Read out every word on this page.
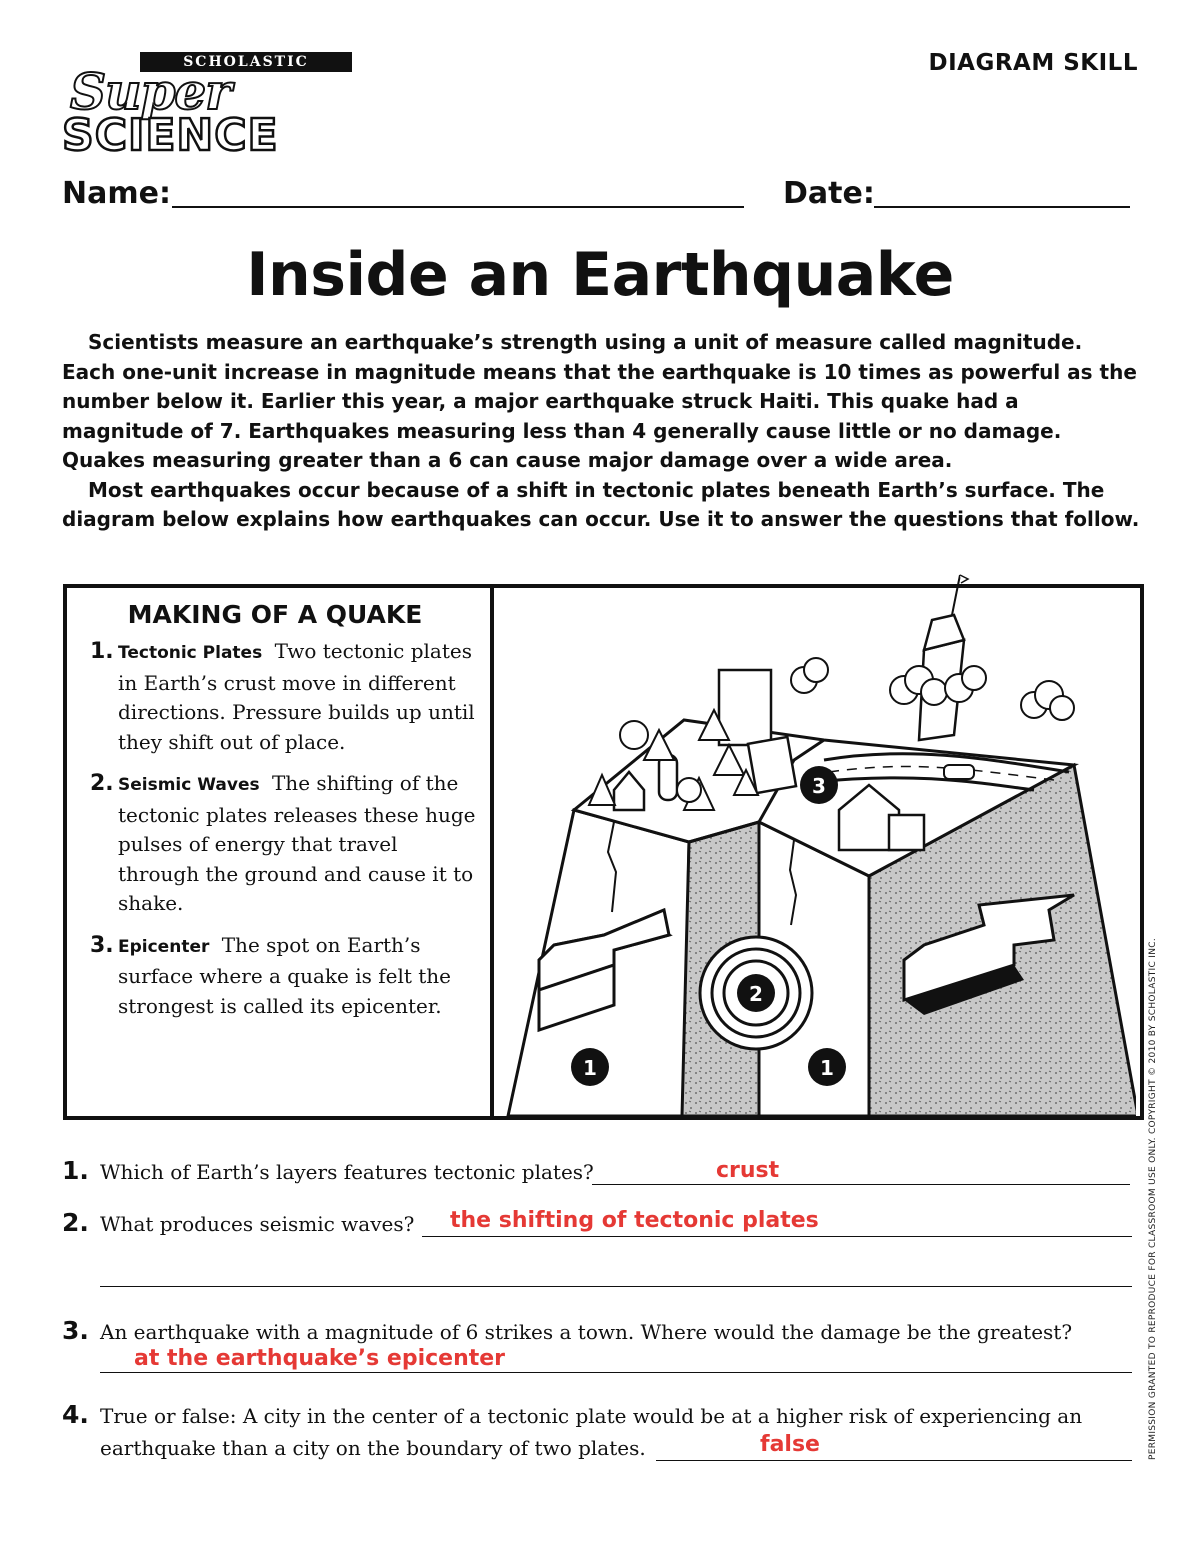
SCHOLASTIC
Super
SCIENCE
DIAGRAM SKILL
Name:	Date:
Inside an Earthquake

Scientists measure an earthquake’s strength using a unit of measure called magnitude. Each one-unit increase in magnitude means that the earthquake is 10 times as powerful as the number below it. Earlier this year, a major earthquake struck Haiti. This quake had a magnitude of 7. Earthquakes measuring less than 4 generally cause little or no damage. Quakes measuring greater than a 6 can cause major damage over a wide area.

Most earthquakes occur because of a shift in tectonic plates beneath Earth’s surface. The diagram below explains how earthquakes can occur. Use it to answer the questions that follow.

MAKING OF A QUAKE
1. Tectonic Plates Two tectonic plates in Earth’s crust move in different directions. Pressure builds up until they shift out of place.
2. Seismic Waves The shifting of the tectonic plates releases these huge pulses of energy that travel through the ground and cause it to shake.
3. Epicenter The spot on Earth’s surface where a quake is felt the strongest is called its epicenter.	2
3
1	1
1. Which of Earth’s layers features tectonic plates?	crust
2. What produces seismic waves? the shifting of tectonic plates
3. An earthquake with a magnitude of 6 strikes a town. Where would the damage be the greatest?
at the earthquake’s epicenter
4. True or false: A city in the center of a tectonic plate would be at a higher risk of experiencing an
earthquake than a city on the boundary of two plates.	false	PERMISSION GRANTED TO REPRODUCE FOR CLASSROOM USE ONLY. COPYRIGHT © 2010 BY SCHOLASTIC INC.
